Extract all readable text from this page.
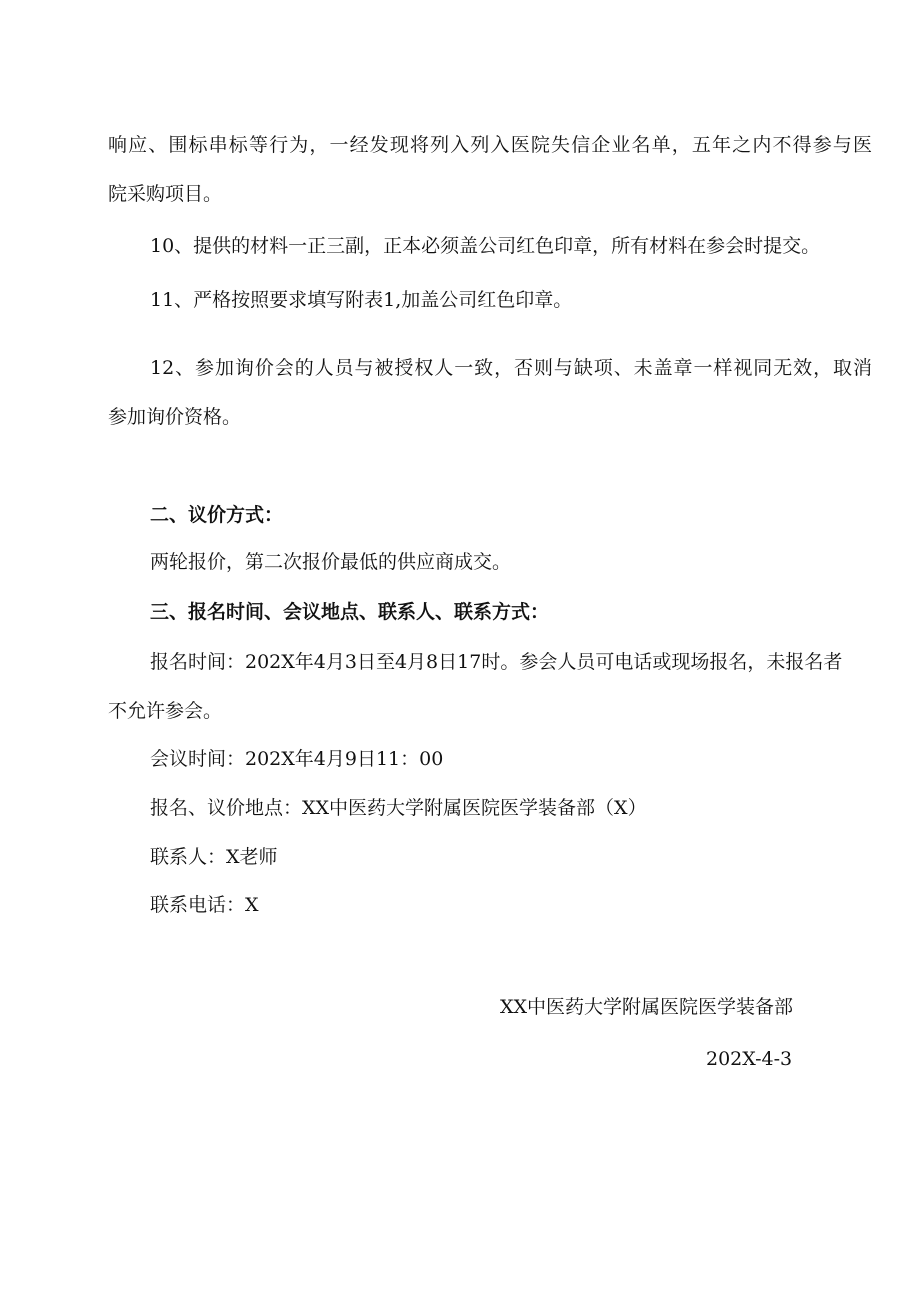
响应、围标串标等行为，一经发现将列入列入医院失信企业名单，五年之内不得参与医
院采购项目。
10、提供的材料一正三副，正本必须盖公司红色印章，所有材料在参会时提交。
11、严格按照要求填写附表1,加盖公司红色印章。
12、参加询价会的人员与被授权人一致，否则与缺项、未盖章一样视同无效，取消
参加询价资格。
二、议价方式：
两轮报价，第二次报价最低的供应商成交。
三、报名时间、会议地点、联系人、联系方式：
报名时间：202X年4月3日至4月8日17时。参会人员可电话或现场报名，未报名者
不允许参会。
会议时间：202X年4月9日11：00
报名、议价地点：XX中医药大学附属医院医学装备部（X）
联系人：X老师
联系电话：X
XX中医药大学附属医院医学装备部
202X-4-3
